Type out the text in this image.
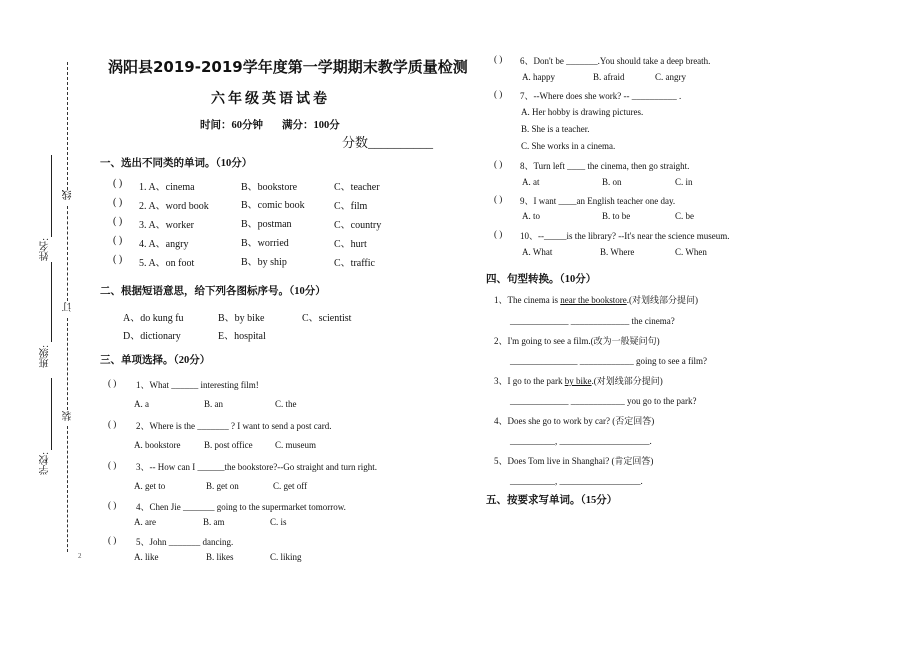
线
订
装
姓名:
班级:
学校:
2
涡阳县2019-2019学年度第一学期期末教学质量检测
六年级英语试卷
时间：60分钟 满分：100分
分数__________
一、选出不同类的单词。（10分）
( ) 1. A、cinema	B、bookstore	C、teacher
( ) 2. A、word book	B、comic book	C、film
( ) 3. A、worker	B、postman	C、country
( ) 4. A、angry	B、worried	C、hurt
( ) 5. A、on foot	B、by ship	C、traffic
二、根据短语意思，给下列各图标序号。（10分）
A、do kung fu	B、by bike	C、scientist
D、dictionary	E、hospital
三、单项选择。（20分）
( ) 1、What ______ interesting film!
A. a	B. an	C. the
( ) 2、Where is the _______ ? I want to send a post card.
A. bookstore	B. post office C. museum
( ) 3、-- How can I ______the bookstore?--Go straight and turn right.
A. get to	B. get on	C. get off
( ) 4、Chen Jie _______ going to the supermarket tomorrow.
A. are	B. am	C. is
( ) 5、John _______ dancing.
A. like	B. likes	C. liking
( ) 6、Don't be _______.You should take a deep breath.
A. happy	B. afraid	C. angry
( ) 7、--Where does she work? -- __________ .
A. Her hobby is drawing pictures.
B. She is a teacher.
C. She works in a cinema.
( ) 8、Turn left ____ the cinema, then go straight.
A. at	B. on	C. in
( ) 9、I want ____an English teacher one day.
A. to	B. to be	C. be
( ) 10、--_____is the library? --It's near the science museum.
A. What	B. Where	C. When
四、句型转换。（10分）
1、The cinema is near the bookstore.(对划线部分提问)
_____________ _____________ the cinema?
2、I'm going to see a film.(改为一般疑问句)
_______________ ____________ going to see a film?
3、I go to the park by bike.(对划线部分提问)
_____________ ____________ you go to the park?
4、Does she go to work by car? (否定回答)
__________, ____________________.
5、Does Tom live in Shanghai? (肯定回答)
__________, __________________.
五、按要求写单词。（15分）
